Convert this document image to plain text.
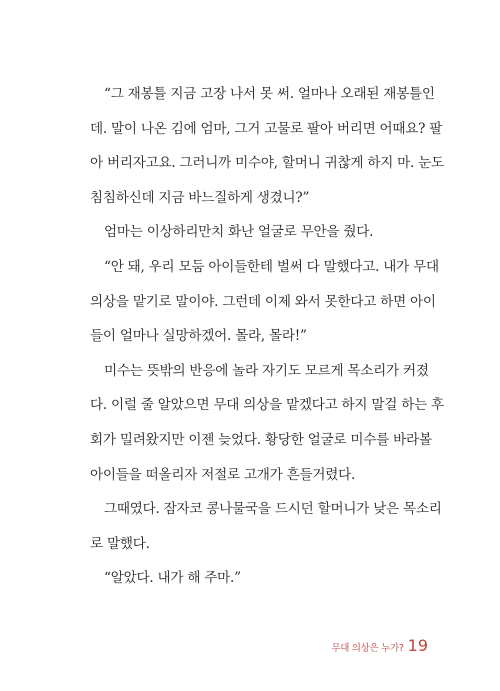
“그 재봉틀 지금 고장 나서 못 써. 얼마나 오래된 재봉틀인
데. 말이 나온 김에 엄마, 그거 고물로 팔아 버리면 어때요? 팔
아 버리자고요. 그러니까 미수야, 할머니 귀찮게 하지 마. 눈도
침침하신데 지금 바느질하게 생겼니?”
엄마는 이상하리만치 화난 얼굴로 무안을 줬다.
“안 돼, 우리 모둠 아이들한테 벌써 다 말했다고. 내가 무대
의상을 맡기로 말이야. 그런데 이제 와서 못한다고 하면 아이
들이 얼마나 실망하겠어. 몰라, 몰라!”
미수는 뜻밖의 반응에 놀라 자기도 모르게 목소리가 커졌
다. 이럴 줄 알았으면 무대 의상을 맡겠다고 하지 말걸 하는 후
회가 밀려왔지만 이젠 늦었다. 황당한 얼굴로 미수를 바라볼
아이들을 떠올리자 저절로 고개가 흔들거렸다.
그때였다. 잠자코 콩나물국을 드시던 할머니가 낮은 목소리
로 말했다.
“알았다. 내가 해 주마.”
무대 의상은 누가? 19
